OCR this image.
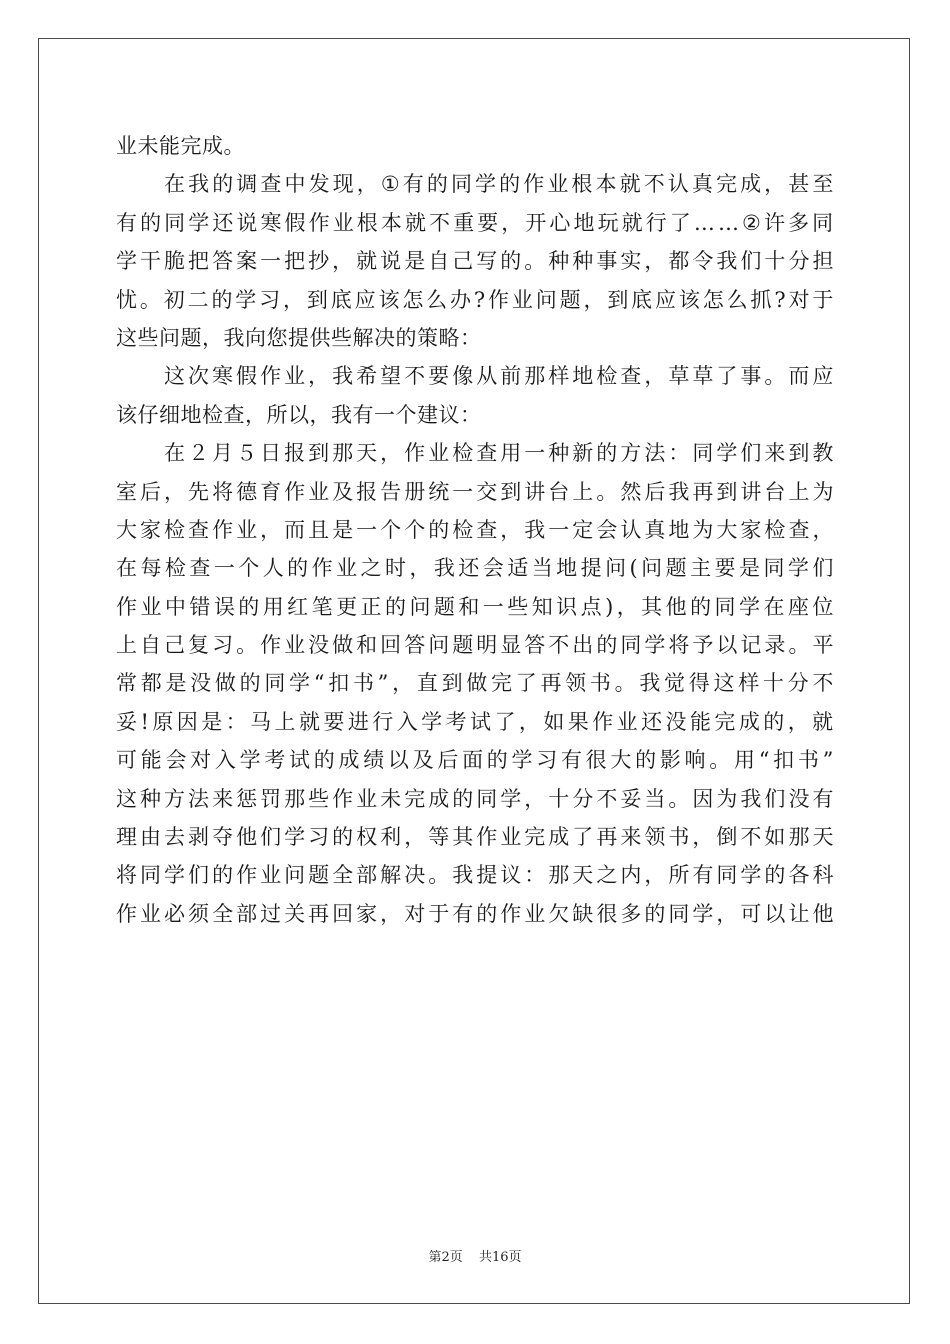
业未能完成。
在 我 的 调 查 中 发 现 ， ① 有 的 同 学 的 作 业 根 本 就 不 认 真 完 成 ， 甚 至
有 的 同 学 还 说 寒 假 作 业 根 本 就 不 重 要 ， 开 心 地 玩 就 行 了 … … ② 许 多 同
学 干 脆 把 答 案 一 把 抄 ， 就 说 是 自 己 写 的 。 种 种 事 实 ， 都 令 我 们 十 分 担
忧 。 初 二 的 学 习 ， 到 底 应 该 怎 么 办 ? 作 业 问 题 ， 到 底 应 该 怎 么 抓 ? 对 于
这些问题，我向您提供些解决的策略：
这 次 寒 假 作 业 ， 我 希 望 不 要 像 从 前 那 样 地 检 查 ， 草 草 了 事 。 而 应
该仔细地检查，所以，我有一个建议：
在 ２ 月 ５ 日 报 到 那 天 ， 作 业 检 查 用 一 种 新 的 方 法 ： 同 学 们 来 到 教
室 后 ， 先 将 德 育 作 业 及 报 告 册 统 一 交 到 讲 台 上 。 然 后 我 再 到 讲 台 上 为
大 家 检 查 作 业 ， 而 且 是 一 个 个 的 检 查 ， 我 一 定 会 认 真 地 为 大 家 检 查 ，
在 每 检 查 一 个 人 的 作 业 之 时 ， 我 还 会 适 当 地 提 问 ( 问 题 主 要 是 同 学 们
作 业 中 错 误 的 用 红 笔 更 正 的 问 题 和 一 些 知 识 点 ) ， 其 他 的 同 学 在 座 位
上 自 己 复 习 。 作 业 没 做 和 回 答 问 题 明 显 答 不 出 的 同 学 将 予 以 记 录 。 平
常 都 是 没 做 的 同 学 “ 扣 书 ” ， 直 到 做 完 了 再 领 书 。 我 觉 得 这 样 十 分 不
妥 ! 原 因 是 ： 马 上 就 要 进 行 入 学 考 试 了 ， 如 果 作 业 还 没 能 完 成 的 ， 就
可 能 会 对 入 学 考 试 的 成 绩 以 及 后 面 的 学 习 有 很 大 的 影 响 。 用 “ 扣 书 ”
这 种 方 法 来 惩 罚 那 些 作 业 未 完 成 的 同 学 ， 十 分 不 妥 当 。 因 为 我 们 没 有
理 由 去 剥 夺 他 们 学 习 的 权 利 ， 等 其 作 业 完 成 了 再 来 领 书 ， 倒 不 如 那 天
将 同 学 们 的 作 业 问 题 全 部 解 决 。 我 提 议 ： 那 天 之 内 ， 所 有 同 学 的 各 科
作 业 必 须 全 部 过 关 再 回 家 ， 对 于 有 的 作 业 欠 缺 很 多 的 同 学 ， 可 以 让 他
第2页 共16页
